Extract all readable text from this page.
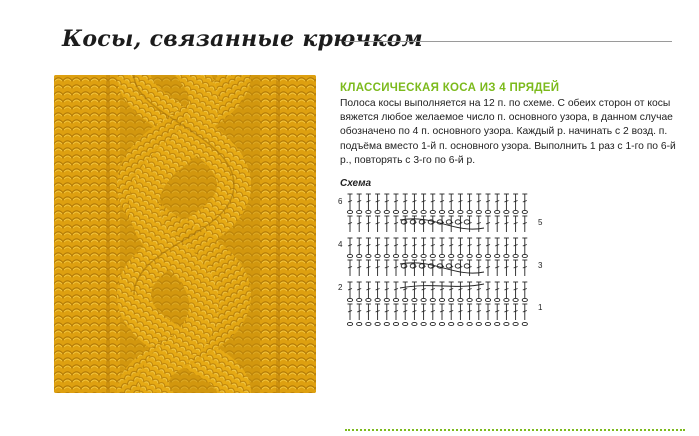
Косы, связанные крючком
КЛАССИЧЕСКАЯ КОСА ИЗ 4 ПРЯДЕЙ

Полоса косы выполняется на 12 п. по схеме. С обеих сторон от косы вяжется любое желаемое число п. основного узора, в данном случае обозначено по 4 п. основного узора. Каждый р. начинать с 2 возд. п. подъёма вместо 1-й п. основного узора. Выполнить 1 раз с 1-го по 6-й р., повторять с 3-го по 6-й р.

Схема
6
4
2
5
3
1
